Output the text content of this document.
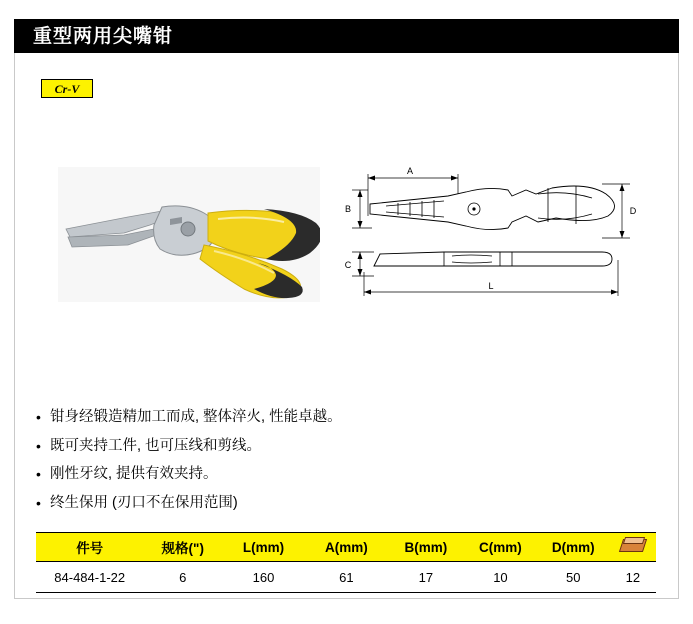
重型两用尖嘴钳
Cr-V
A
B
C
D
L
• 钳身经锻造精加工而成, 整体淬火, 性能卓越。
• 既可夹持工件, 也可压线和剪线。
• 刚性牙纹, 提供有效夹持。
• 终生保用 (刃口不在保用范围)
件号	规格(")	L(mm)	A(mm)	B(mm)	C(mm)	D(mm)	

84-484-1-22	6	160	61	17	10	50	12
